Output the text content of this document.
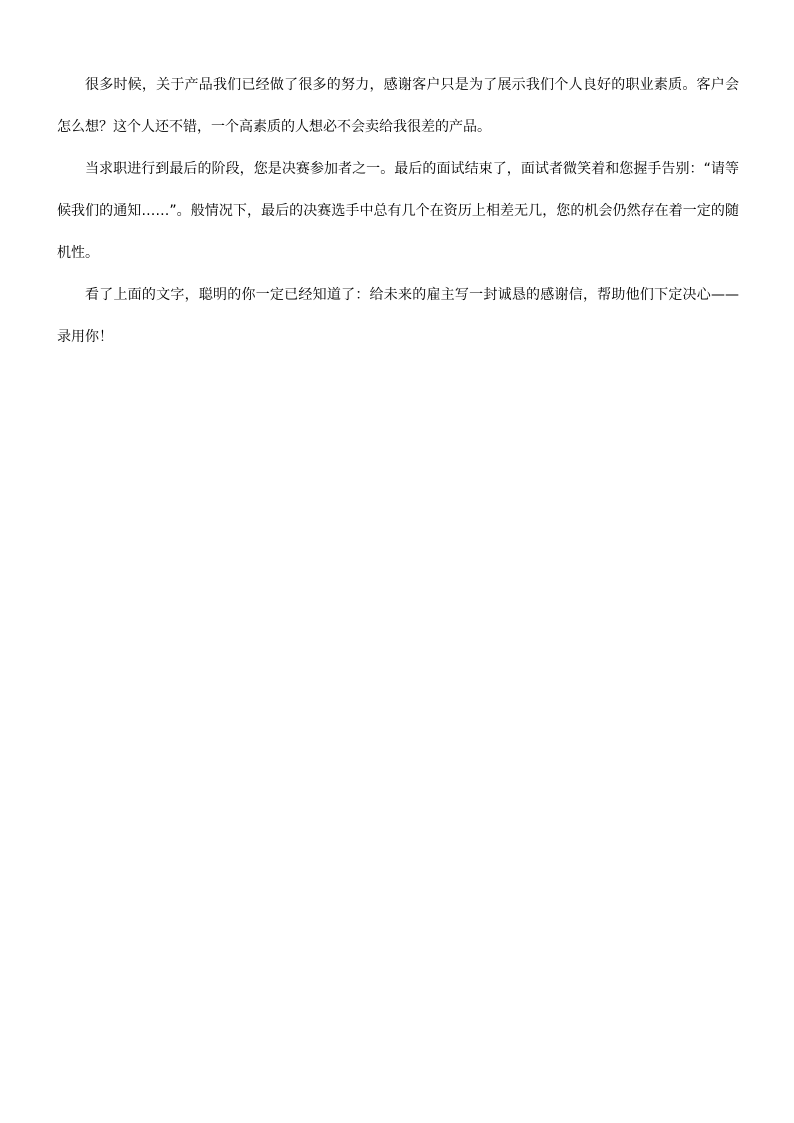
很多时候，关于产品我们已经做了很多的努力，感谢客户只是为了展示我们个人良好的职业素质。客户会怎么想？这个人还不错，一个高素质的人想必不会卖给我很差的产品。

当求职进行到最后的阶段，您是决赛参加者之一。最后的面试结束了，面试者微笑着和您握手告别：“请等候我们的通知……”。般情况下，最后的决赛选手中总有几个在资历上相差无几，您的机会仍然存在着一定的随机性。

看了上面的文字，聪明的你一定已经知道了：给未来的雇主写一封诚恳的感谢信，帮助他们下定决心——录用你！
